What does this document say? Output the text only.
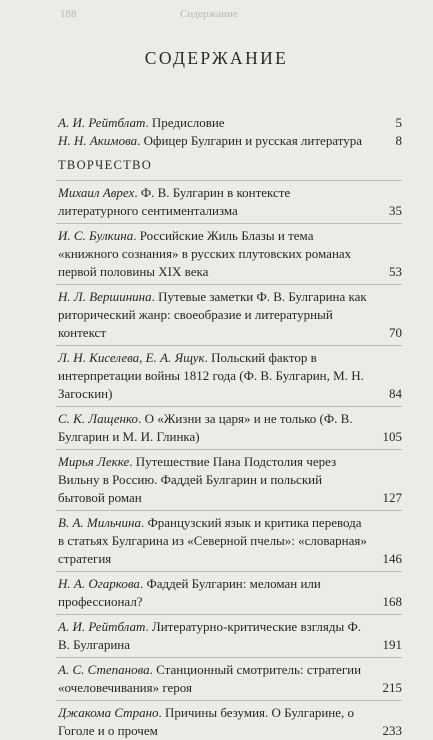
188	Содержание
СОДЕРЖАНИЕ
А. И. Рейтблат. Предисловие	5
Н. Н. Акимова. Офицер Булгарин и русская литература	8
ТВОРЧЕСТВО
Михаил Аврех. Ф. В. Булгарин в контексте литературного сентиментализма	35
И. С. Булкина. Российские Жиль Блазы и тема «книжного сознания» в русских плутовских романах первой половины XIX века	53
Н. Л. Вершинина. Путевые заметки Ф. В. Булгарина как риторический жанр: своеобразие и литературный контекст	70
Л. Н. Киселева, Е. А. Ящук. Польский фактор в интерпретации войны 1812 года (Ф. В. Булгарин, М. Н. Загоскин)	84
С. К. Лащенко. О «Жизни за царя» и не только (Ф. В. Булгарин и М. И. Глинка)	105
Мирья Лекке. Путешествие Пана Подстолия через Вильну в Россию. Фаддей Булгарин и польский бытовой роман	127
В. А. Мильчина. Французский язык и критика перевода в статьях Булгарина из «Северной пчелы»: «словарная» стратегия	146
Н. А. Огаркова. Фаддей Булгарин: меломан или профессионал?	168
А. И. Рейтблат. Литературно-критические взгляды Ф. В. Булгарина	191
А. С. Степанова. Станционный смотритель: стратегии «очеловечивания» героя	215
Джакома Страно. Причины безумия. О Булгарине, о Гоголе и о прочем	233
